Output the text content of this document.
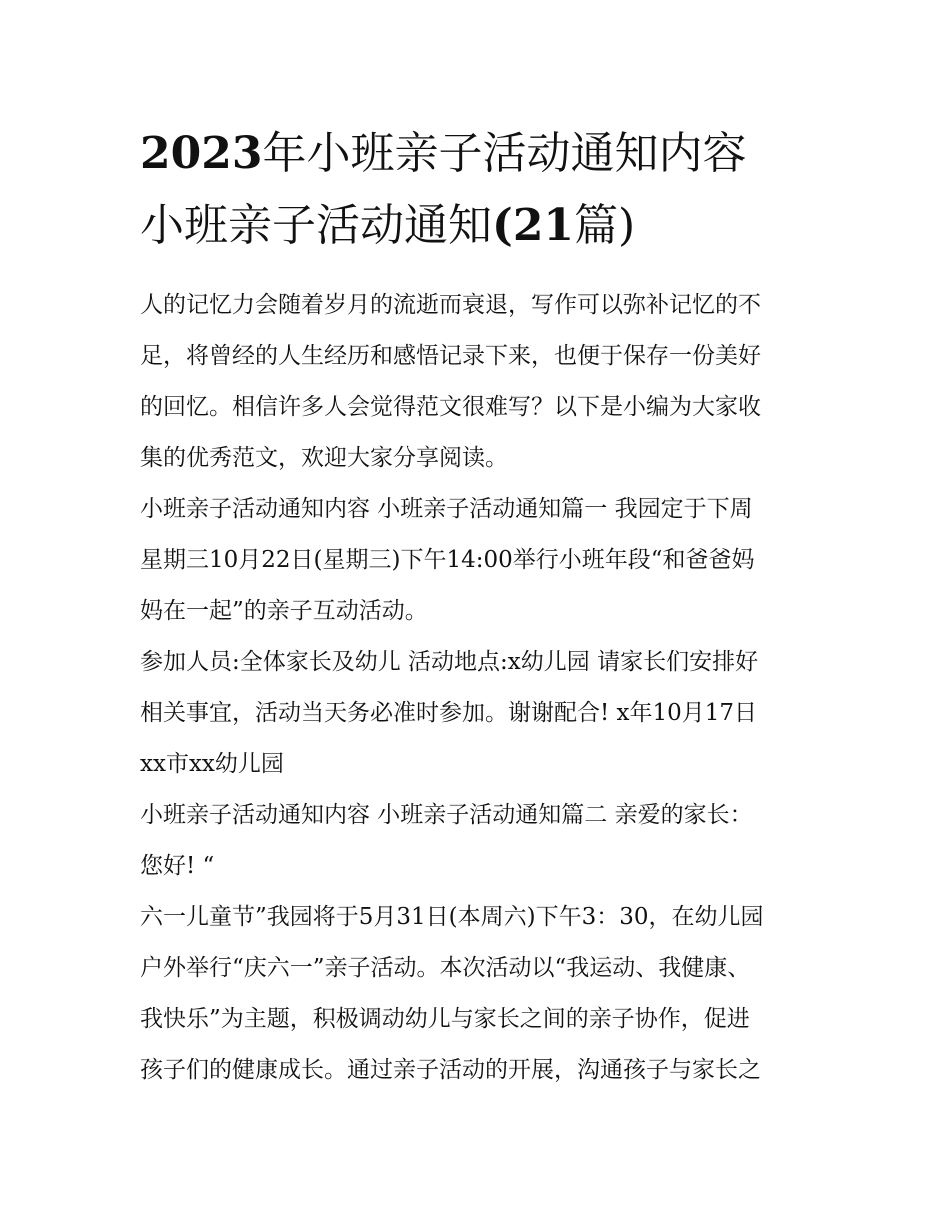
2023年小班亲子活动通知内容
小班亲子活动通知(21篇)
人的记忆力会随着岁月的流逝而衰退，写作可以弥补记忆的不
足，将曾经的人生经历和感悟记录下来，也便于保存一份美好
的回忆。相信许多人会觉得范文很难写？以下是小编为大家收
集的优秀范文，欢迎大家分享阅读。
小班亲子活动通知内容 小班亲子活动通知篇一 我园定于下周
星期三10月22日(星期三)下午14:00举行小班年段“和爸爸妈
妈在一起”的亲子互动活动。
参加人员:全体家长及幼儿 活动地点:x幼儿园 请家长们安排好
相关事宜，活动当天务必准时参加。谢谢配合! x年10月17日
xx市xx幼儿园
小班亲子活动通知内容 小班亲子活动通知篇二 亲爱的家长：
您好! “
六一儿童节”我园将于5月31日(本周六)下午3：30，在幼儿园
户外举行“庆六一”亲子活动。本次活动以“我运动、我健康、
我快乐”为主题，积极调动幼儿与家长之间的亲子协作，促进
孩子们的健康成长。通过亲子活动的开展，沟通孩子与家长之
